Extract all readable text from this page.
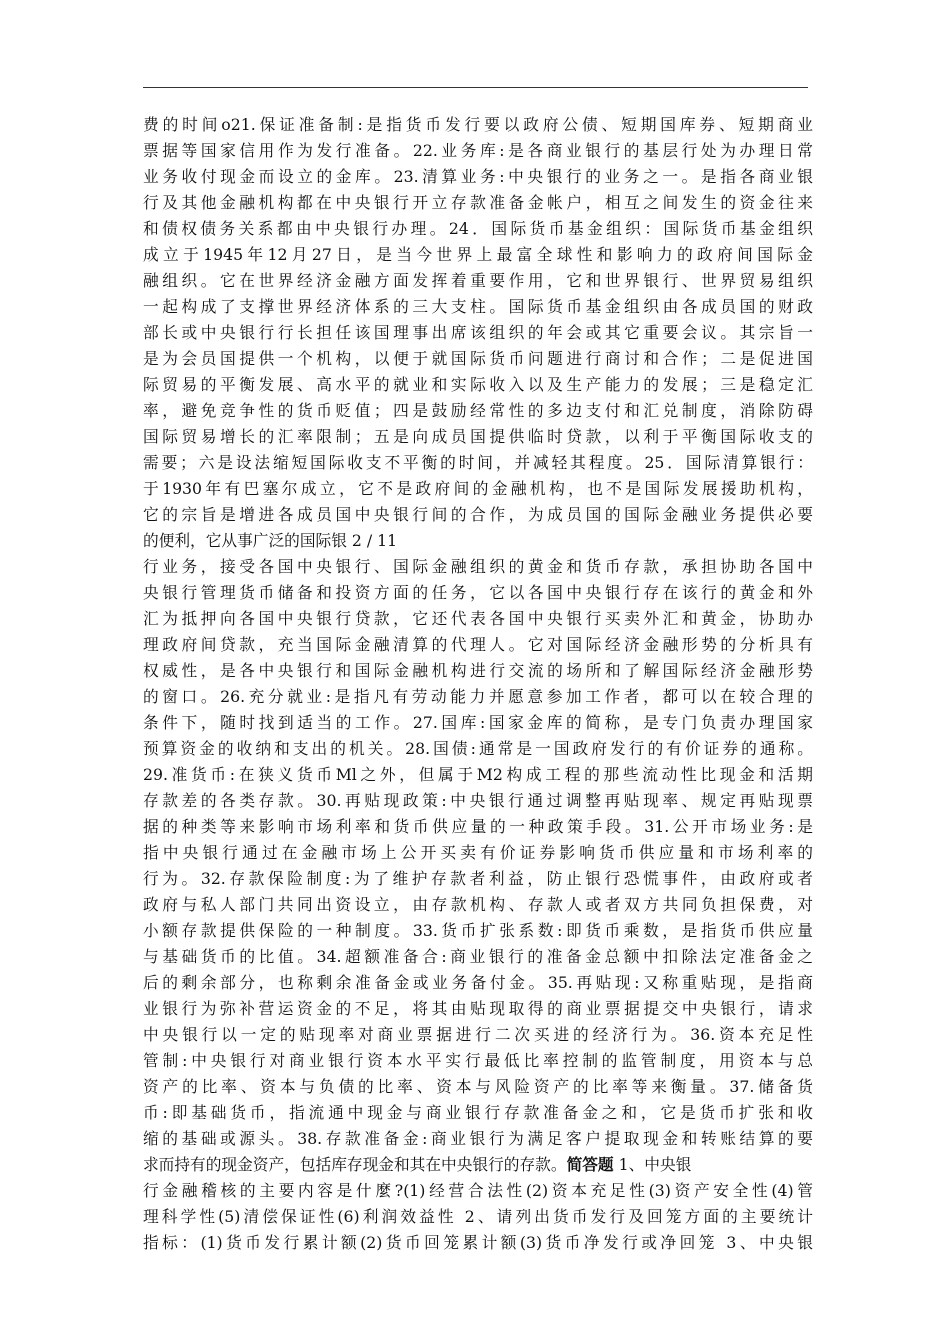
费的时间o21.保证准备制:是指货币发行要以政府公债、短期国库券、短期商业
票据等国家信用作为发行准备。22.业务库:是各商业银行的基层行处为办理日常
业务收付现金而设立的金库。23.清算业务:中央银行的业务之一。是指各商业银
行及其他金融机构都在中央银行开立存款准备金帐户，相互之间发生的资金往来
和债权债务关系都由中央银行办理。24．国际货币基金组织：国际货币基金组织
成立于1945年12月27日，是当今世界上最富全球性和影响力的政府间国际金
融组织。它在世界经济金融方面发挥着重要作用，它和世界银行、世界贸易组织
一起构成了支撑世界经济体系的三大支柱。国际货币基金组织由各成员国的财政
部长或中央银行行长担任该国理事出席该组织的年会或其它重要会议。其宗旨一
是为会员国提供一个机构，以便于就国际货币问题进行商讨和合作；二是促进国
际贸易的平衡发展、高水平的就业和实际收入以及生产能力的发展；三是稳定汇
率，避免竞争性的货币贬值；四是鼓励经常性的多边支付和汇兑制度，消除防碍
国际贸易增长的汇率限制；五是向成员国提供临时贷款，以利于平衡国际收支的
需要；六是设法缩短国际收支不平衡的时间，并减轻其程度。25．国际清算银行：
于1930年有巴塞尔成立，它不是政府间的金融机构，也不是国际发展援助机构，
它的宗旨是增进各成员国中央银行间的合作，为成员国的国际金融业务提供必要
的便利，它从事广泛的国际银 2 / 11
行业务，接受各国中央银行、国际金融组织的黄金和货币存款，承担协助各国中
央银行管理货币储备和投资方面的任务，它以各国中央银行存在该行的黄金和外
汇为抵押向各国中央银行贷款，它还代表各国中央银行买卖外汇和黄金，协助办
理政府间贷款，充当国际金融清算的代理人。它对国际经济金融形势的分析具有
权威性，是各中央银行和国际金融机构进行交流的场所和了解国际经济金融形势
的窗口。26.充分就业:是指凡有劳动能力并愿意参加工作者，都可以在较合理的
条件下，随时找到适当的工作。27.国库:国家金库的简称，是专门负责办理国家
预算资金的收纳和支出的机关。28.国债:通常是一国政府发行的有价证券的通称。
29.准货币:在狭义货币Ml之外，但属于M2构成工程的那些流动性比现金和活期
存款差的各类存款。30.再贴现政策:中央银行通过调整再贴现率、规定再贴现票
据的种类等来影响市场利率和货币供应量的一种政策手段。31.公开市场业务:是
指中央银行通过在金融市场上公开买卖有价证券影响货币供应量和市场利率的
行为。32.存款保险制度:为了维护存款者利益，防止银行恐慌事件，由政府或者
政府与私人部门共同出资设立，由存款机构、存款人或者双方共同负担保费，对
小额存款提供保险的一种制度。33.货币扩张系数:即货币乘数，是指货币供应量
与基础货币的比值。34.超额准备合:商业银行的准备金总额中扣除法定准备金之
后的剩余部分，也称剩余准备金或业务备付金。35.再贴现:又称重贴现，是指商
业银行为弥补营运资金的不足，将其由贴现取得的商业票据提交中央银行，请求
中央银行以一定的贴现率对商业票据进行二次买进的经济行为。36.资本充足性
管制:中央银行对商业银行资本水平实行最低比率控制的监管制度，用资本与总
资产的比率、资本与负债的比率、资本与风险资产的比率等来衡量。37.储备货
币:即基础货币，指流通中现金与商业银行存款准备金之和，它是货币扩张和收
缩的基础或源头。38.存款准备金:商业银行为满足客户提取现金和转账结算的要
求而持有的现金资产，包括库存现金和其在中央银行的存款。简答题 1、中央银
行金融稽核的主要内容是什麼?(1)经营合法性(2)资本充足性(3)资产安全性(4)管
理科学性(5)清偿保证性(6)利润效益性 2、请列出货币发行及回笼方面的主要统计
指标：(1)货币发行累计额(2)货币回笼累计额(3)货币净发行或净回笼 3、中央银
